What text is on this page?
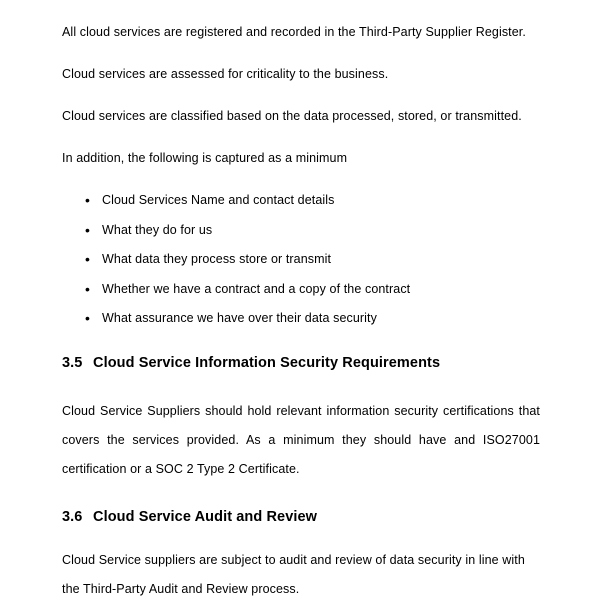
All cloud services are registered and recorded in the Third-Party Supplier Register.

Cloud services are assessed for criticality to the business.

Cloud services are classified based on the data processed, stored, or transmitted.

In addition, the following is captured as a minimum

• Cloud Services Name and contact details
• What they do for us
• What data they process store or transmit
• Whether we have a contract and a copy of the contract
• What assurance we have over their data security
3.5 Cloud Service Information Security Requirements

Cloud Service Suppliers should hold relevant information security certifications that covers the services provided. As a minimum they should have and ISO27001 certification or a SOC 2 Type 2 Certificate.

3.6 Cloud Service Audit and Review

Cloud Service suppliers are subject to audit and review of data security in line with the Third-Party Audit and Review process.
